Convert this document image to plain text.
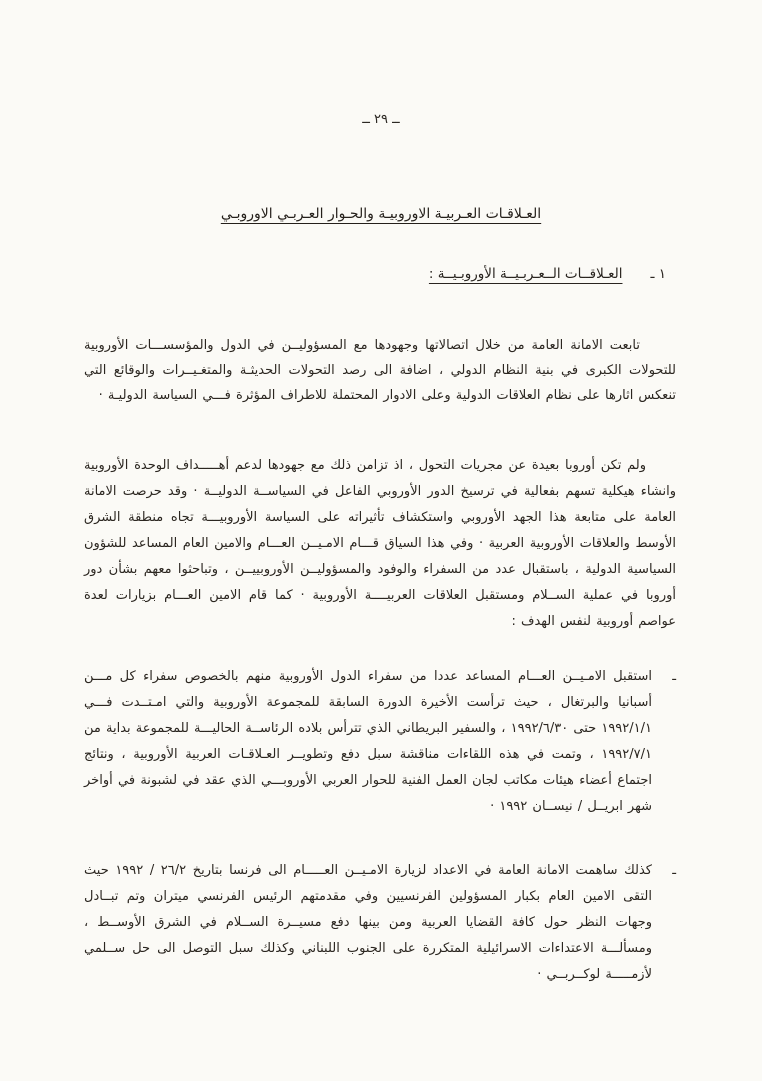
ــ ٢٩ ــ
العـلاقـات العـربيـة الاوروبيـة والحـوار العـربـي الاوروبـي
١ ـ
العـلاقــات الــعـربـيــة الأوروبـيــة :

تابعت الامانة العامة من خلال اتصالاتها وجهودها مع المسؤوليــن في الدول والمؤسســـات الأوروبية للتحولات الكبرى في بنية النظام الدولي ، اضافة الى رصد التحولات الحديثـة والمتغـيــرات والوقائع التي تنعكس اثارها على نظام العلاقات الدولية وعلى الادوار المحتملة للاطراف المؤثرة فـــي السياسة الدوليـة ·

ولم تكن أوروبا بعيدة عن مجريات التحول ، اذ تزامن ذلك مع جهودها لدعم أهـــــداف الوحدة الأوروبية وانشاء هيكلية تسهم بفعالية في ترسيخ الدور الأوروبي الفاعل في السياســة الدوليــة · وقد حرصت الامانة العامة على متابعة هذا الجهد الأوروبي واستكشاف تأثيراته على السياسة الأوروبيـــة تجاه منطقة الشرق الأوسط والعلاقات الأوروبية العربية · وفي هذا السياق قـــام الامـيــن العـــام والامين العام المساعد للشؤون السياسية الدولية ، باستقبال عدد من السفراء والوفود والمسؤوليــن الأوروبييــن ، وتباحثوا معهم بشأن دور أوروبا في عملية الســلام ومستقبل العلاقات العربيــــة الأوروبية · كما قام الامين العـــام بزيارات لعدة عواصم أوروبية لنفس الهدف :

ـ
استقبل الامـيــن العـــام المساعد عددا من سفراء الدول الأوروبية منهم بالخصوص سفراء كل مـــن أسبانيا والبرتغال ، حيث ترأست الأخيرة الدورة السابقة للمجموعة الأوروبية والتي امـتــدت فـــي ١٩٩٢/١/١ حتى ١٩٩٢/٦/٣٠ ، والسفير البريطاني الذي تترأس بلاده الرئاســة الحاليـــة للمجموعة بداية من ١٩٩٢/٧/١ ، وتمت في هذه اللقاءات مناقشة سبل دفع وتطويــر العـلاقـات العربية الأوروبية ، ونتائج اجتماع أعضاء هيئات مكاتب لجان العمل الفنية للحوار العربي الأوروبـــي الذي عقد في لشبونة في أواخر شهر ابريــل / نيســان ١٩٩٢ ·
ـ
كذلك ساهمت الامانة العامة في الاعداد لزيارة الامـيــن العـــــام الى فرنسا بتاريخ ٢٦/٢ / ١٩٩٢ حيث التقى الامين العام بكبار المسؤولين الفرنسيين وفي مقدمتهم الرئيس الفرنسي ميتران وتم تبــادل وجهات النظر حول كافة القضايا العربية ومن بينها دفع مسيــرة الســلام في الشرق الأوســط ، ومسألـــة الاعتداءات الاسرائيلية المتكررة على الجنوب اللبناني وكذلك سبل التوصل الى حل ســلمي لأزمـــــة لوكــربــي ·
